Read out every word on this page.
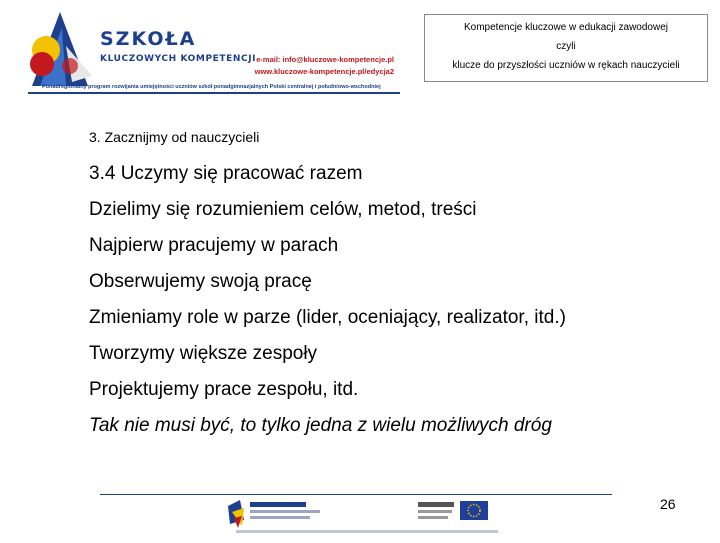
SZKOŁA
KLUCZOWYCH KOMPETENCJI e-mail: info@kluczowe-kompetencje.pl
www.kluczowe-kompetencje.pl/edycja2
Ponadregionalny program rozwijania umiejętności uczniów szkół ponadgimnazjalnych Polski centralnej i południowo-wschodniej
Kompetencje kluczowe w edukacji zawodowej
czyli
klucze do przyszłości uczniów w rękach nauczycieli

3. Zacznijmy od nauczycieli

3.4 Uczymy się pracować razem

Dzielimy się rozumieniem celów, metod, treści

Najpierw pracujemy w parach

Obserwujemy swoją pracę

Zmieniamy role w parze (lider, oceniający, realizator, itd.)

Tworzymy większe zespoły

Projektujemy prace zespołu, itd.

Tak nie musi być, to tylko jedna z wielu możliwych dróg

26
